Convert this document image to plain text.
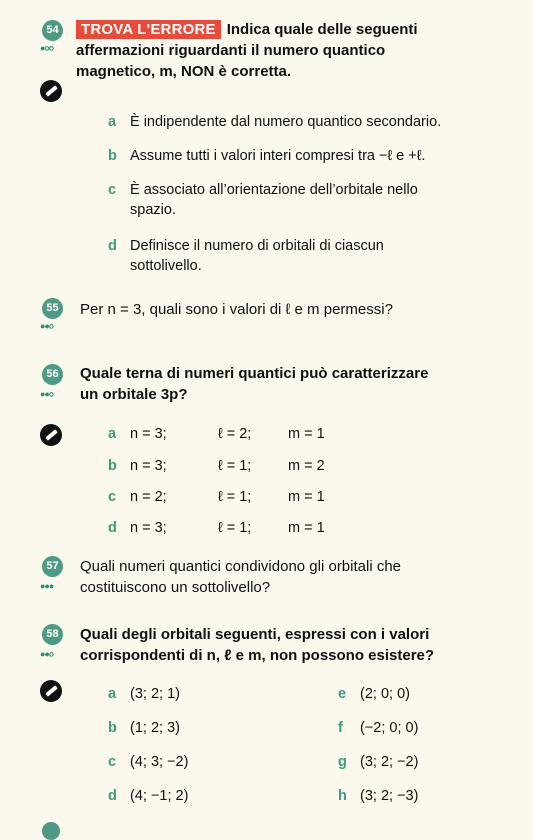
54
●○○
TROVA L'ERRORE Indica quale delle seguenti
affermazioni riguardanti il numero quantico
magnetico, m, NON è corretta.
a È indipendente dal numero quantico secondario.
b Assume tutti i valori interi compresi tra −ℓ e +ℓ.
c È associato all’orientazione dell’orbitale nello
spazio.
d Definisce il numero di orbitali di ciascun
sottolivello.
55
●●○
Per n = 3, quali sono i valori di ℓ e m permessi?
56
●●○
Quale terna di numeri quantici può caratterizzare
un orbitale 3p?
a n = 3;	ℓ = 2;	m = 1
b n = 3;	ℓ = 1;	m = 2
c n = 2;	ℓ = 1;	m = 1
d n = 3;	ℓ = 1;	m = 1
57
●●●
Quali numeri quantici condividono gli orbitali che
costituiscono un sottolivello?
58
●●○
Quali degli orbitali seguenti, espressi con i valori
corrispondenti di n, ℓ e m, non possono esistere?
a (3; 2; 1)
b (1; 2; 3)
c (4; 3; −2)
d (4; −1; 2)
e (2; 0; 0)
f (−2; 0; 0)
g (3; 2; −2)
h (3; 2; −3)
